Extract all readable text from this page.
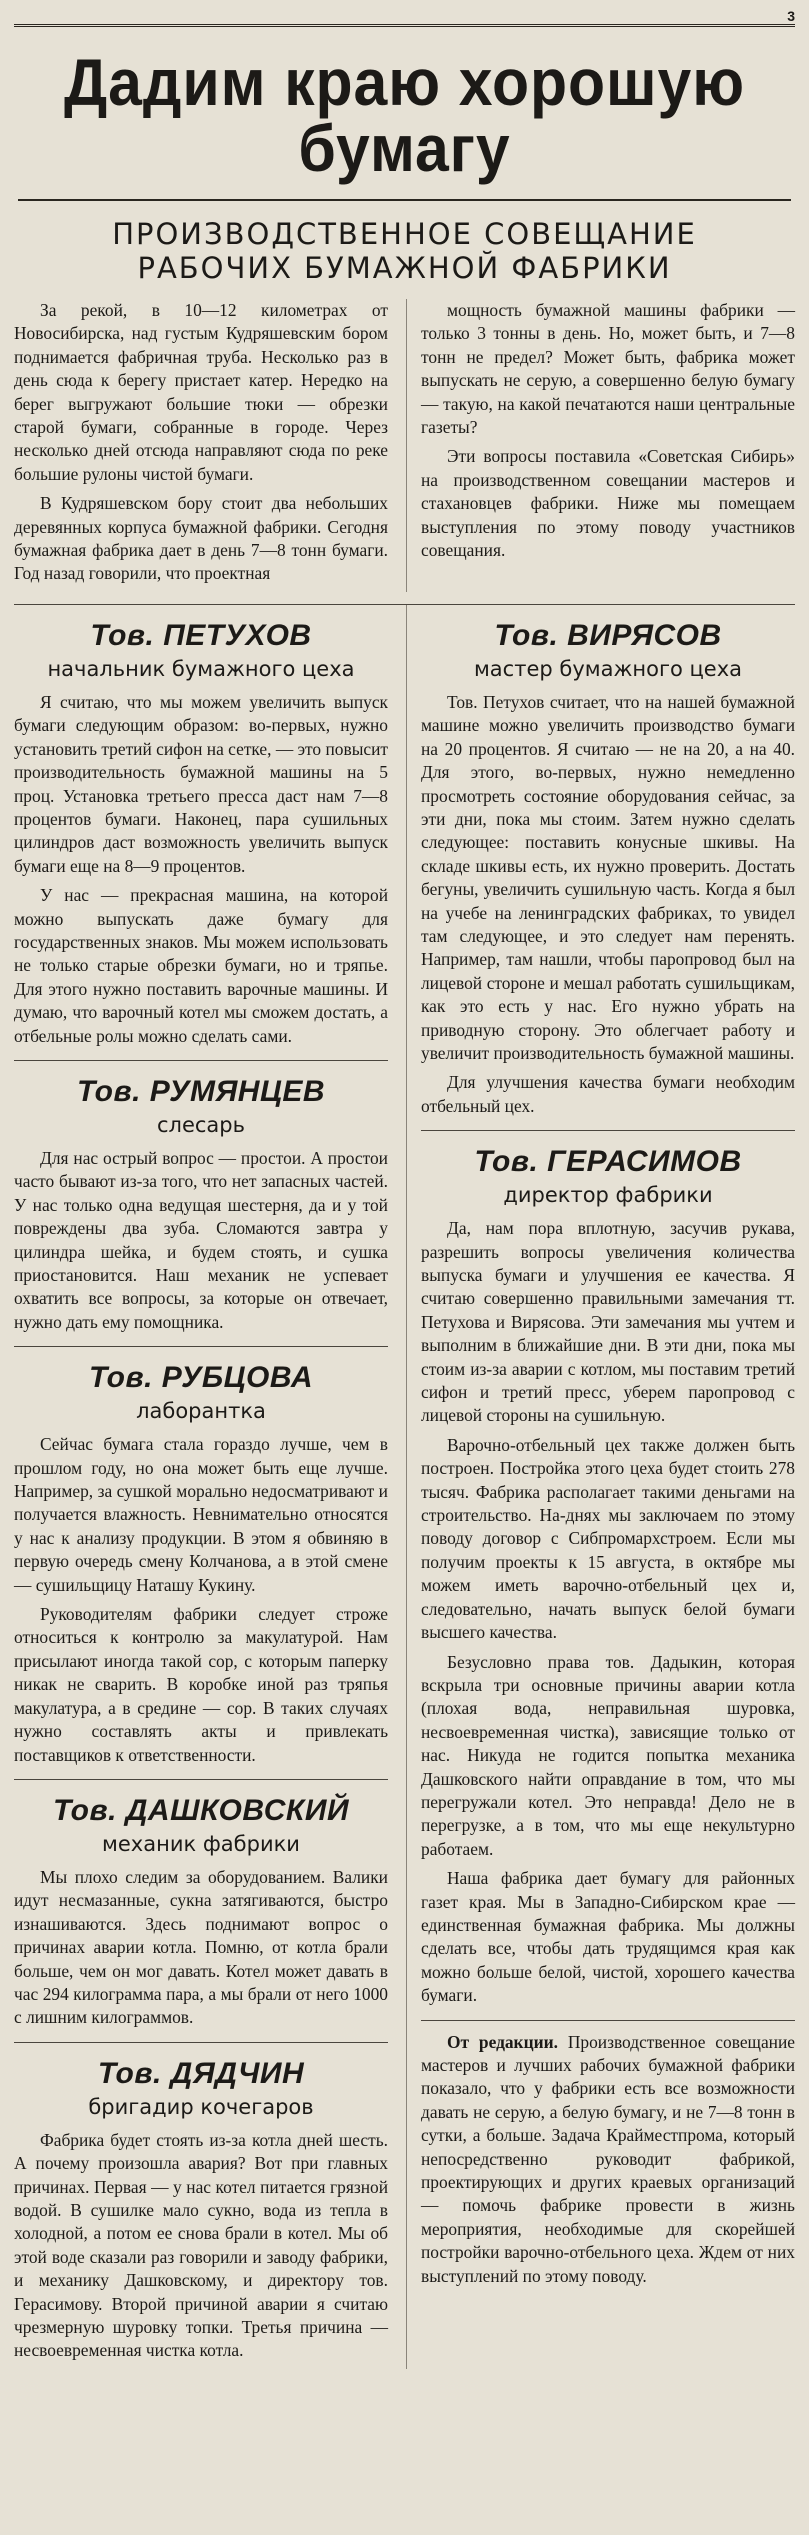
3
Дадим краю хорошую бумагу
ПРОИЗВОДСТВЕННОЕ СОВЕЩАНИЕ
РАБОЧИХ БУМАЖНОЙ ФАБРИКИ

За рекой, в 10—12 километрах от Новосибирска, над густым Кудряшевским бором поднимается фабричная труба. Несколько раз в день сюда к берегу пристает катер. Нередко на берег выгружают большие тюки — обрезки старой бумаги, собранные в городе. Через несколько дней отсюда направляют сюда по реке большие рулоны чистой бумаги.

В Кудряшевском бору стоит два небольших деревянных корпуса бумажной фабрики. Сегодня бумажная фабрика дает в день 7—8 тонн бумаги. Год назад говорили, что проектная

мощность бумажной машины фабрики — только 3 тонны в день. Но, может быть, и 7—8 тонн не предел? Может быть, фабрика может выпускать не серую, а совершенно белую бумагу — такую, на какой печатаются наши центральные газеты?

Эти вопросы поставила «Советская Сибирь» на производственном совещании мастеров и стахановцев фабрики. Ниже мы помещаем выступления по этому поводу участников совещания.

Тов. ПЕТУХОВ
начальник бумажного цеха

Я считаю, что мы можем увеличить выпуск бумаги следующим образом: во-первых, нужно установить третий сифон на сетке, — это повысит производительность бумажной машины на 5 проц. Установка третьего пресса даст нам 7—8 процентов бумаги. Наконец, пара сушильных цилиндров даст возможность увеличить выпуск бумаги еще на 8—9 процентов.

У нас — прекрасная машина, на которой можно выпускать даже бумагу для государственных знаков. Мы можем использовать не только старые обрезки бумаги, но и тряпье. Для этого нужно поставить варочные машины. И думаю, что варочный котел мы сможем достать, а отбельные ролы можно сделать сами.

Тов. РУМЯНЦЕВ
слесарь

Для нас острый вопрос — простои. А простои часто бывают из-за того, что нет запасных частей. У нас только одна ведущая шестерня, да и у той повреждены два зуба. Сломаются завтра у цилиндра шейка, и будем стоять, и сушка приостановится. Наш механик не успевает охватить все вопросы, за которые он отвечает, нужно дать ему помощника.

Тов. РУБЦОВА
лаборантка

Сейчас бумага стала гораздо лучше, чем в прошлом году, но она может быть еще лучше. Например, за сушкой морально недосматривают и получается влажность. Невнимательно относятся у нас к анализу продукции. В этом я обвиняю в первую очередь смену Колчанова, а в этой смене — сушильщицу Наташу Кукину.

Руководителям фабрики следует строже относиться к контролю за макулатурой. Нам присылают иногда такой сор, с которым паперку никак не сварить. В коробке иной раз тряпья макулатура, а в средине — сор. В таких случаях нужно составлять акты и привлекать поставщиков к ответственности.

Тов. ДАШКОВСКИЙ
механик фабрики

Мы плохо следим за оборудованием. Валики идут несмазанные, сукна затягиваются, быстро изнашиваются. Здесь поднимают вопрос о причинах аварии котла. Помню, от котла брали больше, чем он мог давать. Котел может давать в час 294 килограмма пара, а мы брали от него 1000 с лишним килограммов.

Тов. ДЯДЧИН
бригадир кочегаров

Фабрика будет стоять из-за котла дней шесть. А почему произошла авария? Вот при главных причинах. Первая — у нас котел питается грязной водой. В сушилке мало сукно, вода из тепла в холодной, а потом ее снова брали в котел. Мы об этой воде сказали раз говорили и заводу фабрики, и механику Дашковскому, и директору тов. Герасимову. Второй причиной аварии я считаю чрезмерную шуровку топки. Третья причина — несвоевременная чистка котла.

Тов. ВИРЯСОВ
мастер бумажного цеха

Тов. Петухов считает, что на нашей бумажной машине можно увеличить производство бумаги на 20 процентов. Я считаю — не на 20, а на 40. Для этого, во-первых, нужно немедленно просмотреть состояние оборудования сейчас, за эти дни, пока мы стоим. Затем нужно сделать следующее: поставить конусные шкивы. На складе шкивы есть, их нужно проверить. Достать бегуны, увеличить сушильную часть. Когда я был на учебе на ленинградских фабриках, то увидел там следующее, и это следует нам перенять. Например, там нашли, чтобы паропровод был на лицевой стороне и мешал работать сушильщикам, как это есть у нас. Его нужно убрать на приводную сторону. Это облегчает работу и увеличит производительность бумажной машины.

Для улучшения качества бумаги необходим отбельный цех.

Тов. ГЕРАСИМОВ
директор фабрики

Да, нам пора вплотную, засучив рукава, разрешить вопросы увеличения количества выпуска бумаги и улучшения ее качества. Я считаю совершенно правильными замечания тт. Петухова и Вирясова. Эти замечания мы учтем и выполним в ближайшие дни. В эти дни, пока мы стоим из-за аварии с котлом, мы поставим третий сифон и третий пресс, уберем паропровод с лицевой стороны на сушильную.

Варочно-отбельный цех также должен быть построен. Постройка этого цеха будет стоить 278 тысяч. Фабрика располагает такими деньгами на строительство. На-днях мы заключаем по этому поводу договор с Сибпромархстроем. Если мы получим проекты к 15 августа, в октябре мы можем иметь варочно-отбельный цех и, следовательно, начать выпуск белой бумаги высшего качества.

Безусловно права тов. Дадыкин, которая вскрыла три основные причины аварии котла (плохая вода, неправильная шуровка, несвоевременная чистка), зависящие только от нас. Никуда не годится попытка механика Дашковского найти оправдание в том, что мы перегружали котел. Это неправда! Дело не в перегрузке, а в том, что мы еще некультурно работаем.

Наша фабрика дает бумагу для районных газет края. Мы в Западно-Сибирском крае — единственная бумажная фабрика. Мы должны сделать все, чтобы дать трудящимся края как можно больше белой, чистой, хорошего качества бумаги.

От редакции. Производственное совещание мастеров и лучших рабочих бумажной фабрики показало, что у фабрики есть все возможности давать не серую, а белую бумагу, и не 7—8 тонн в сутки, а больше. Задача Крайместпрома, который непосредственно руководит фабрикой, проектирующих и других краевых организаций — помочь фабрике провести в жизнь мероприятия, необходимые для скорейшей постройки варочно-отбельного цеха. Ждем от них выступлений по этому поводу.
